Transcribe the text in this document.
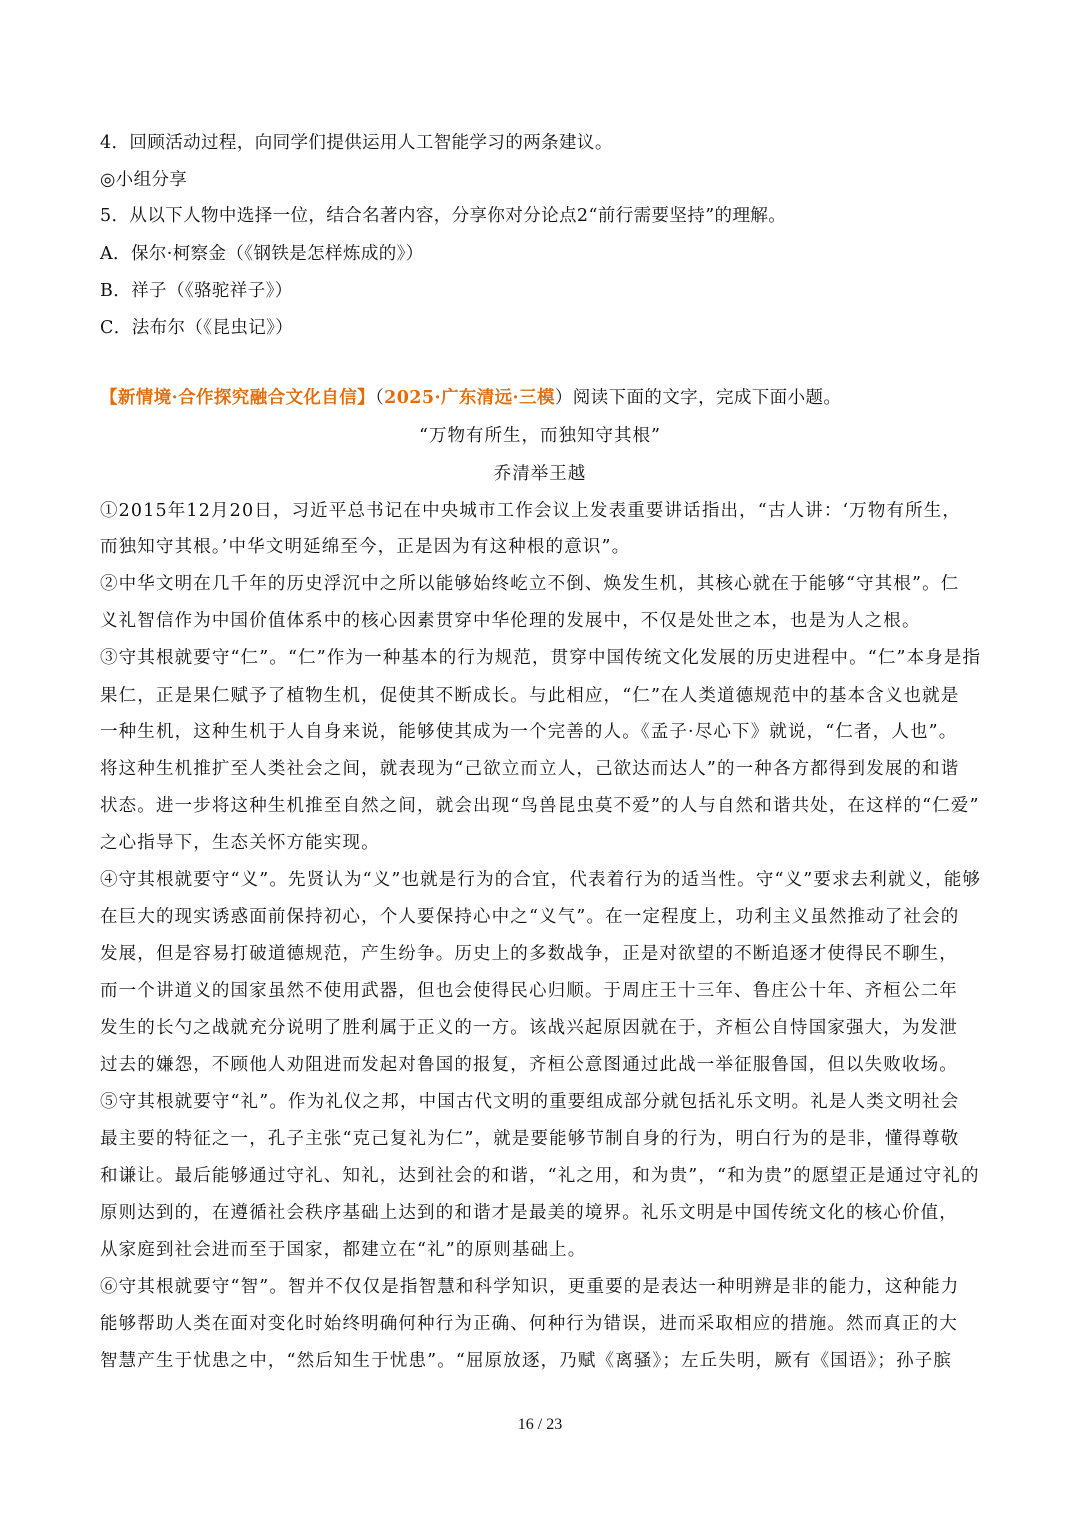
4．回顾活动过程，向同学们提供运用人工智能学习的两条建议。
◎小组分享
5．从以下人物中选择一位，结合名著内容，分享你对分论点2“前行需要坚持”的理解。
A．保尔·柯察金（《钢铁是怎样炼成的》）
B．祥子（《骆驼祥子》）
C．法布尔（《昆虫记》）
【新情境·合作探究融合文化自信】（2025·广东清远·三模）阅读下面的文字，完成下面小题。
“万物有所生，而独知守其根”
乔清举王越
①2015年12月20日，习近平总书记在中央城市工作会议上发表重要讲话指出，“古人讲：‘万物有所生，
而独知守其根。’中华文明延绵至今，正是因为有这种根的意识”。
②中华文明在几千年的历史浮沉中之所以能够始终屹立不倒、焕发生机，其核心就在于能够“守其根”。仁
义礼智信作为中国价值体系中的核心因素贯穿中华伦理的发展中，不仅是处世之本，也是为人之根。
③守其根就要守“仁”。“仁”作为一种基本的行为规范，贯穿中国传统文化发展的历史进程中。“仁”本身是指
果仁，正是果仁赋予了植物生机，促使其不断成长。与此相应，“仁”在人类道德规范中的基本含义也就是
一种生机，这种生机于人自身来说，能够使其成为一个完善的人。《孟子·尽心下》就说，“仁者，人也”。
将这种生机推扩至人类社会之间，就表现为“己欲立而立人，己欲达而达人”的一种各方都得到发展的和谐
状态。进一步将这种生机推至自然之间，就会出现“鸟兽昆虫莫不爱”的人与自然和谐共处，在这样的“仁爱”
之心指导下，生态关怀方能实现。
④守其根就要守“义”。先贤认为“义”也就是行为的合宜，代表着行为的适当性。守“义”要求去利就义，能够
在巨大的现实诱惑面前保持初心，个人要保持心中之“义气”。在一定程度上，功利主义虽然推动了社会的
发展，但是容易打破道德规范，产生纷争。历史上的多数战争，正是对欲望的不断追逐才使得民不聊生，
而一个讲道义的国家虽然不使用武器，但也会使得民心归顺。于周庄王十三年、鲁庄公十年、齐桓公二年
发生的长勺之战就充分说明了胜利属于正义的一方。该战兴起原因就在于，齐桓公自恃国家强大，为发泄
过去的嫌怨，不顾他人劝阻进而发起对鲁国的报复，齐桓公意图通过此战一举征服鲁国，但以失败收场。
⑤守其根就要守“礼”。作为礼仪之邦，中国古代文明的重要组成部分就包括礼乐文明。礼是人类文明社会
最主要的特征之一，孔子主张“克己复礼为仁”，就是要能够节制自身的行为，明白行为的是非，懂得尊敬
和谦让。最后能够通过守礼、知礼，达到社会的和谐，“礼之用，和为贵”，“和为贵”的愿望正是通过守礼的
原则达到的，在遵循社会秩序基础上达到的和谐才是最美的境界。礼乐文明是中国传统文化的核心价值，
从家庭到社会进而至于国家，都建立在“礼”的原则基础上。
⑥守其根就要守“智”。智并不仅仅是指智慧和科学知识，更重要的是表达一种明辨是非的能力，这种能力
能够帮助人类在面对变化时始终明确何种行为正确、何种行为错误，进而采取相应的措施。然而真正的大
智慧产生于忧患之中，“然后知生于忧患”。“屈原放逐，乃赋《离骚》；左丘失明，厥有《国语》；孙子膑
16 / 23
